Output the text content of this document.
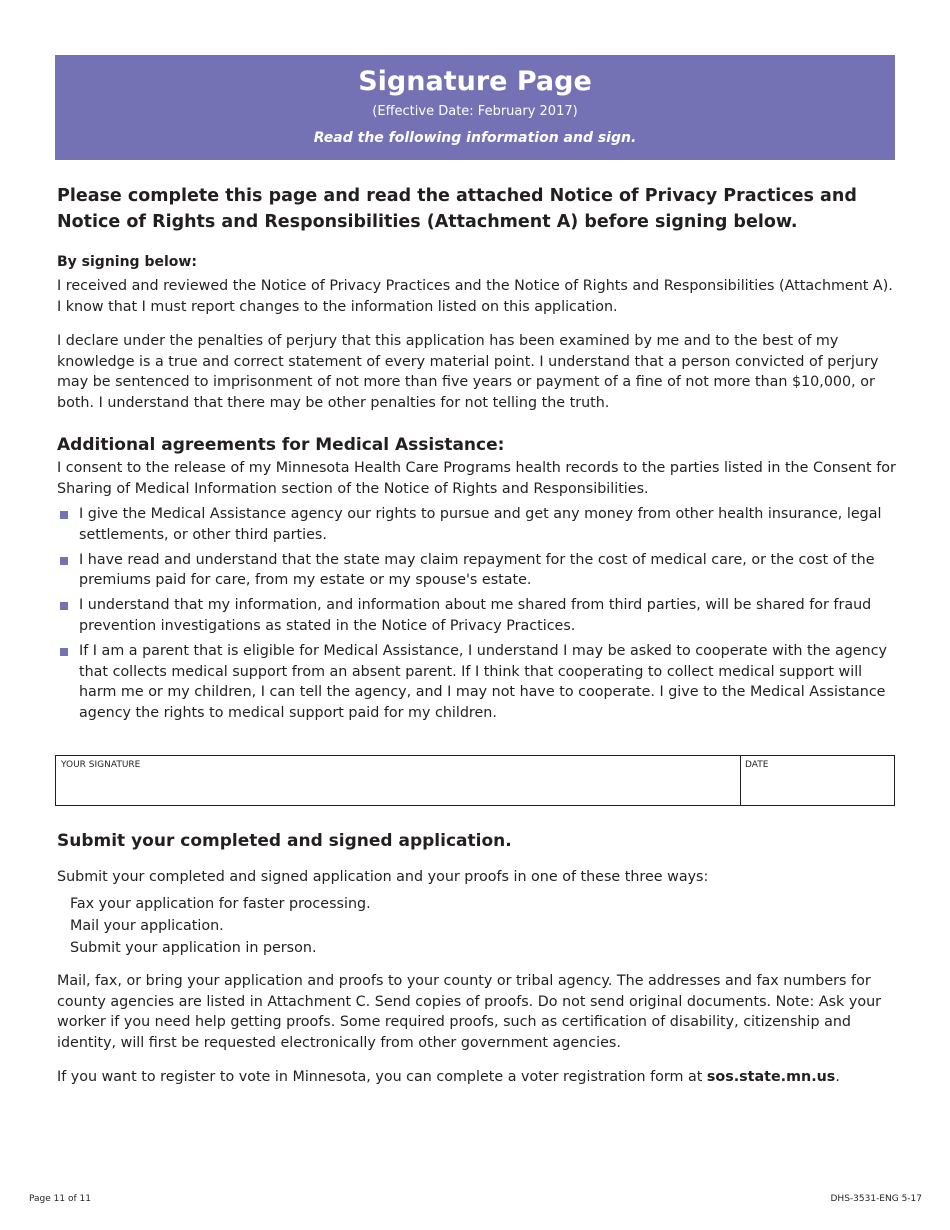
Signature Page
(Effective Date: February 2017)
Read the following information and sign.

Please complete this page and read the attached Notice of Privacy Practices and Notice of Rights and Responsibilities (Attachment A) before signing below.

By signing below:

I received and reviewed the Notice of Privacy Practices and the Notice of Rights and Responsibilities (Attachment A). I know that I must report changes to the information listed on this application.

I declare under the penalties of perjury that this application has been examined by me and to the best of my knowledge is a true and correct statement of every material point. I understand that a person convicted of perjury may be sentenced to imprisonment of not more than five years or payment of a fine of not more than $10,000, or both. I understand that there may be other penalties for not telling the truth.

Additional agreements for Medical Assistance:

I consent to the release of my Minnesota Health Care Programs health records to the parties listed in the Consent for Sharing of Medical Information section of the Notice of Rights and Responsibilities.

I give the Medical Assistance agency our rights to pursue and get any money from other health insurance, legal settlements, or other third parties.
I have read and understand that the state may claim repayment for the cost of medical care, or the cost of the premiums paid for care, from my estate or my spouse's estate.
I understand that my information, and information about me shared from third parties, will be shared for fraud prevention investigations as stated in the Notice of Privacy Practices.
If I am a parent that is eligible for Medical Assistance, I understand I may be asked to cooperate with the agency that collects medical support from an absent parent. If I think that cooperating to collect medical support will harm me or my children, I can tell the agency, and I may not have to cooperate. I give to the Medical Assistance agency the rights to medical support paid for my children.
YOUR SIGNATURE	DATE
Submit your completed and signed application.

Submit your completed and signed application and your proofs in one of these three ways:

Fax your application for faster processing.
Mail your application.
Submit your application in person.

Mail, fax, or bring your application and proofs to your county or tribal agency. The addresses and fax numbers for county agencies are listed in Attachment C. Send copies of proofs. Do not send original documents. Note: Ask your worker if you need help getting proofs. Some required proofs, such as certification of disability, citizenship and identity, will first be requested electronically from other government agencies.

If you want to register to vote in Minnesota, you can complete a voter registration form at sos.state.mn.us.

Page 11 of 11	DHS-3531-ENG 5-17
